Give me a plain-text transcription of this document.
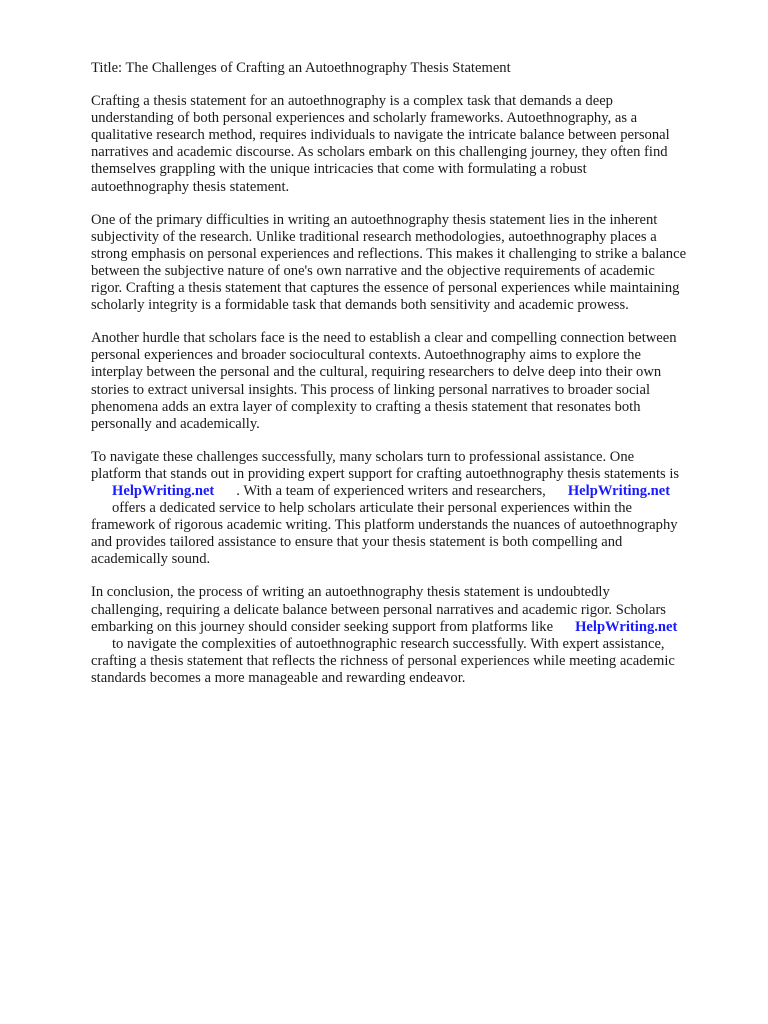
Title: The Challenges of Crafting an Autoethnography Thesis Statement

Crafting a thesis statement for an autoethnography is a complex task that demands a deep
understanding of both personal experiences and scholarly frameworks. Autoethnography, as a
qualitative research method, requires individuals to navigate the intricate balance between personal
narratives and academic discourse. As scholars embark on this challenging journey, they often find
themselves grappling with the unique intricacies that come with formulating a robust
autoethnography thesis statement.

One of the primary difficulties in writing an autoethnography thesis statement lies in the inherent
subjectivity of the research. Unlike traditional research methodologies, autoethnography places a
strong emphasis on personal experiences and reflections. This makes it challenging to strike a balance
between the subjective nature of one's own narrative and the objective requirements of academic
rigor. Crafting a thesis statement that captures the essence of personal experiences while maintaining
scholarly integrity is a formidable task that demands both sensitivity and academic prowess.

Another hurdle that scholars face is the need to establish a clear and compelling connection between
personal experiences and broader sociocultural contexts. Autoethnography aims to explore the
interplay between the personal and the cultural, requiring researchers to delve deep into their own
stories to extract universal insights. This process of linking personal narratives to broader social
phenomena adds an extra layer of complexity to crafting a thesis statement that resonates both
personally and academically.

To navigate these challenges successfully, many scholars turn to professional assistance. One
platform that stands out in providing expert support for crafting autoethnography thesis statements is
HelpWriting.net . With a team of experienced writers and researchers, HelpWriting.net
offers a dedicated service to help scholars articulate their personal experiences within the
framework of rigorous academic writing. This platform understands the nuances of autoethnography
and provides tailored assistance to ensure that your thesis statement is both compelling and
academically sound.

In conclusion, the process of writing an autoethnography thesis statement is undoubtedly
challenging, requiring a delicate balance between personal narratives and academic rigor. Scholars
embarking on this journey should consider seeking support from platforms like HelpWriting.net
to navigate the complexities of autoethnographic research successfully. With expert assistance,
crafting a thesis statement that reflects the richness of personal experiences while meeting academic
standards becomes a more manageable and rewarding endeavor.
